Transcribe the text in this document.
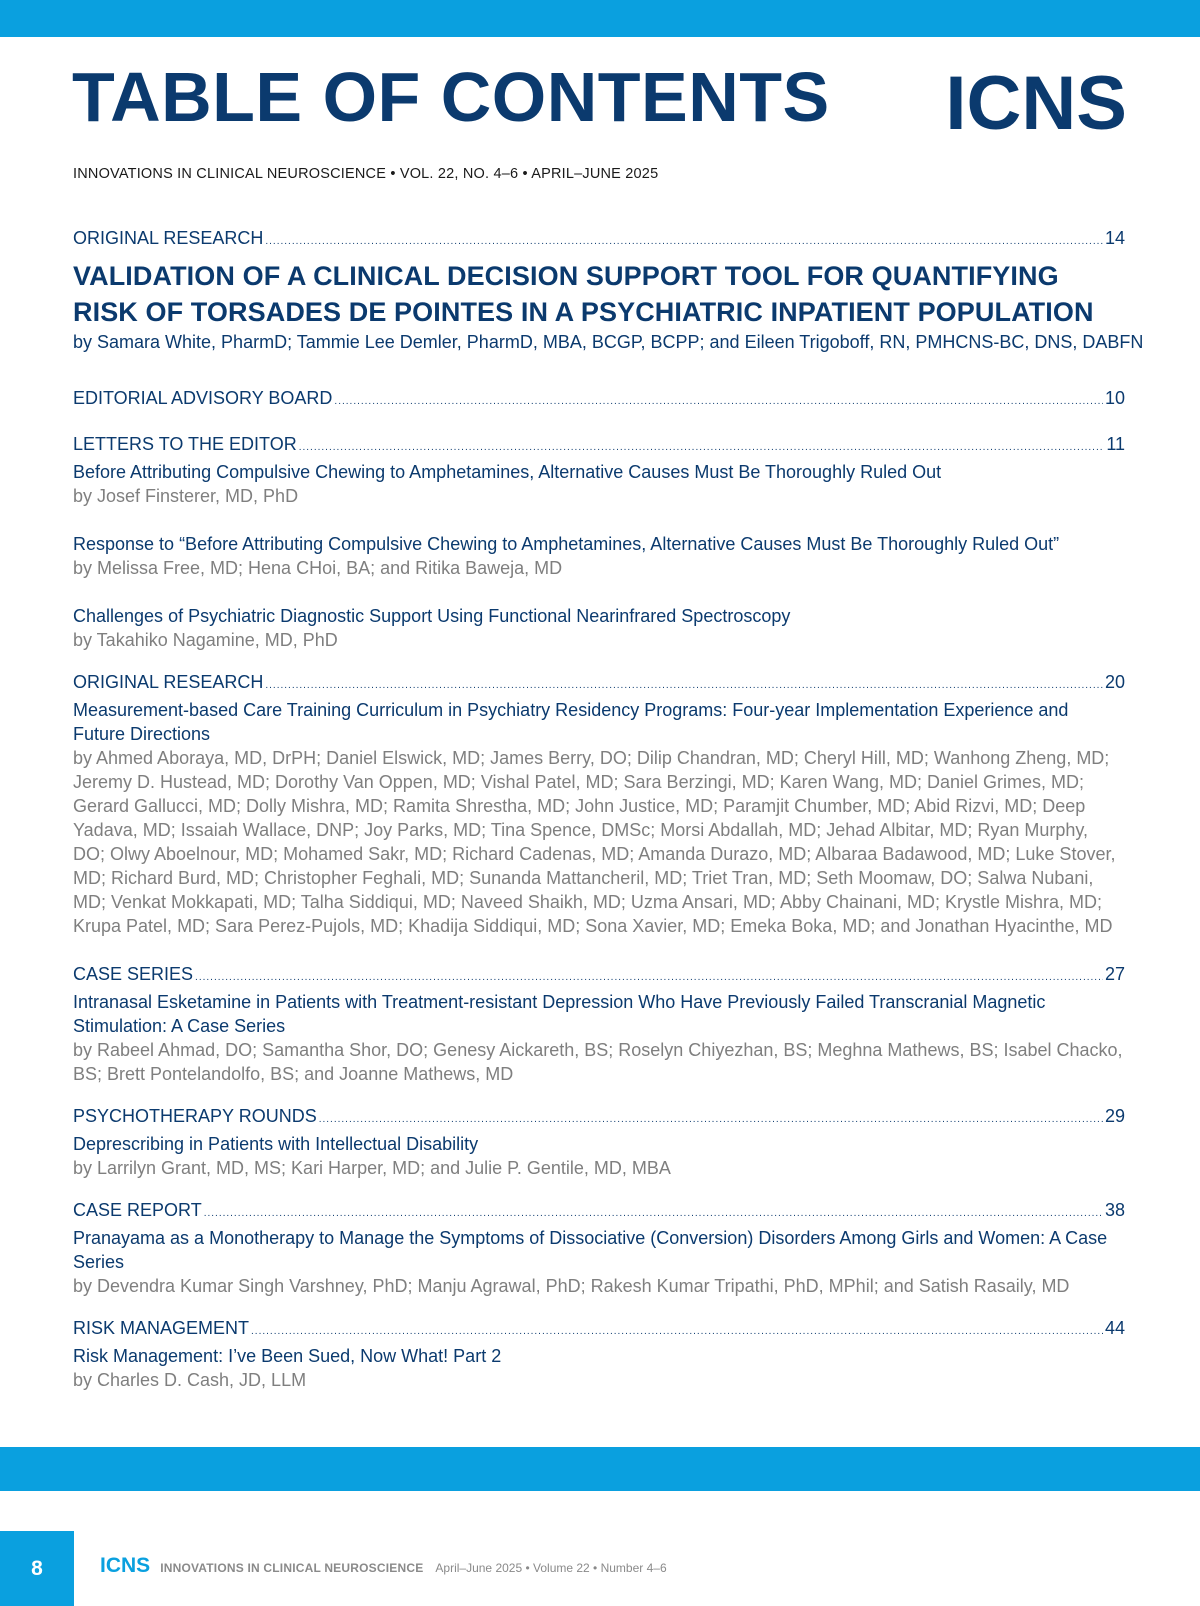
TABLE OF CONTENTS ICNS
INNOVATIONS IN CLINICAL NEUROSCIENCE • VOL. 22, NO. 4–6 • APRIL–JUNE 2025
ORIGINAL RESEARCH .....	14
VALIDATION OF A CLINICAL DECISION SUPPORT TOOL FOR QUANTIFYING RISK OF TORSADES DE POINTES IN A PSYCHIATRIC INPATIENT POPULATION
by Samara White, PharmD; Tammie Lee Demler, PharmD, MBA, BCGP, BCPP; and Eileen Trigoboff, RN, PMHCNS-BC, DNS, DABFN
EDITORIAL ADVISORY BOARD .....	10
LETTERS TO THE EDITOR .....	11
Before Attributing Compulsive Chewing to Amphetamines, Alternative Causes Must Be Thoroughly Ruled Out
by Josef Finsterer, MD, PhD
Response to “Before Attributing Compulsive Chewing to Amphetamines, Alternative Causes Must Be Thoroughly Ruled Out”
by Melissa Free, MD; Hena CHoi, BA; and Ritika Baweja, MD
Challenges of Psychiatric Diagnostic Support Using Functional Nearinfrared Spectroscopy
by Takahiko Nagamine, MD, PhD
ORIGINAL RESEARCH .....	20
Measurement-based Care Training Curriculum in Psychiatry Residency Programs: Four-year Implementation Experience and Future Directions
by Ahmed Aboraya, MD, DrPH; Daniel Elswick, MD; James Berry, DO; Dilip Chandran, MD; Cheryl Hill, MD; Wanhong Zheng, MD; Jeremy D. Hustead, MD; Dorothy Van Oppen, MD; Vishal Patel, MD; Sara Berzingi, MD; Karen Wang, MD; Daniel Grimes, MD; Gerard Gallucci, MD; Dolly Mishra, MD; Ramita Shrestha, MD; John Justice, MD; Paramjit Chumber, MD; Abid Rizvi, MD; Deep Yadava, MD; Issaiah Wallace, DNP; Joy Parks, MD; Tina Spence, DMSc; Morsi Abdallah, MD; Jehad Albitar, MD; Ryan Murphy, DO; Olwy Aboelnour, MD; Mohamed Sakr, MD; Richard Cadenas, MD; Amanda Durazo, MD; Albaraa Badawood, MD; Luke Stover, MD; Richard Burd, MD; Christopher Feghali, MD; Sunanda Mattancheril, MD; Triet Tran, MD; Seth Moomaw, DO; Salwa Nubani, MD; Venkat Mokkapati, MD; Talha Siddiqui, MD; Naveed Shaikh, MD; Uzma Ansari, MD; Abby Chainani, MD; Krystle Mishra, MD; Krupa Patel, MD; Sara Perez-Pujols, MD; Khadija Siddiqui, MD; Sona Xavier, MD; Emeka Boka, MD; and Jonathan Hyacinthe, MD
CASE SERIES .....	27
Intranasal Esketamine in Patients with Treatment-resistant Depression Who Have Previously Failed Transcranial Magnetic Stimulation: A Case Series
by Rabeel Ahmad, DO; Samantha Shor, DO; Genesy Aickareth, BS; Roselyn Chiyezhan, BS; Meghna Mathews, BS; Isabel Chacko, BS; Brett Pontelandolfo, BS; and Joanne Mathews, MD
PSYCHOTHERAPY ROUNDS .....	29
Deprescribing in Patients with Intellectual Disability
by Larrilyn Grant, MD, MS; Kari Harper, MD; and Julie P. Gentile, MD, MBA
CASE REPORT .....	38
Pranayama as a Monotherapy to Manage the Symptoms of Dissociative (Conversion) Disorders Among Girls and Women: A Case Series
by Devendra Kumar Singh Varshney, PhD; Manju Agrawal, PhD; Rakesh Kumar Tripathi, PhD, MPhil; and Satish Rasaily, MD
RISK MANAGEMENT .....	44
Risk Management: I’ve Been Sued, Now What! Part 2
by Charles D. Cash, JD, LLM
8	ICNS INNOVATIONS IN CLINICAL NEUROSCIENCE April–June 2025 • Volume 22 • Number 4–6
